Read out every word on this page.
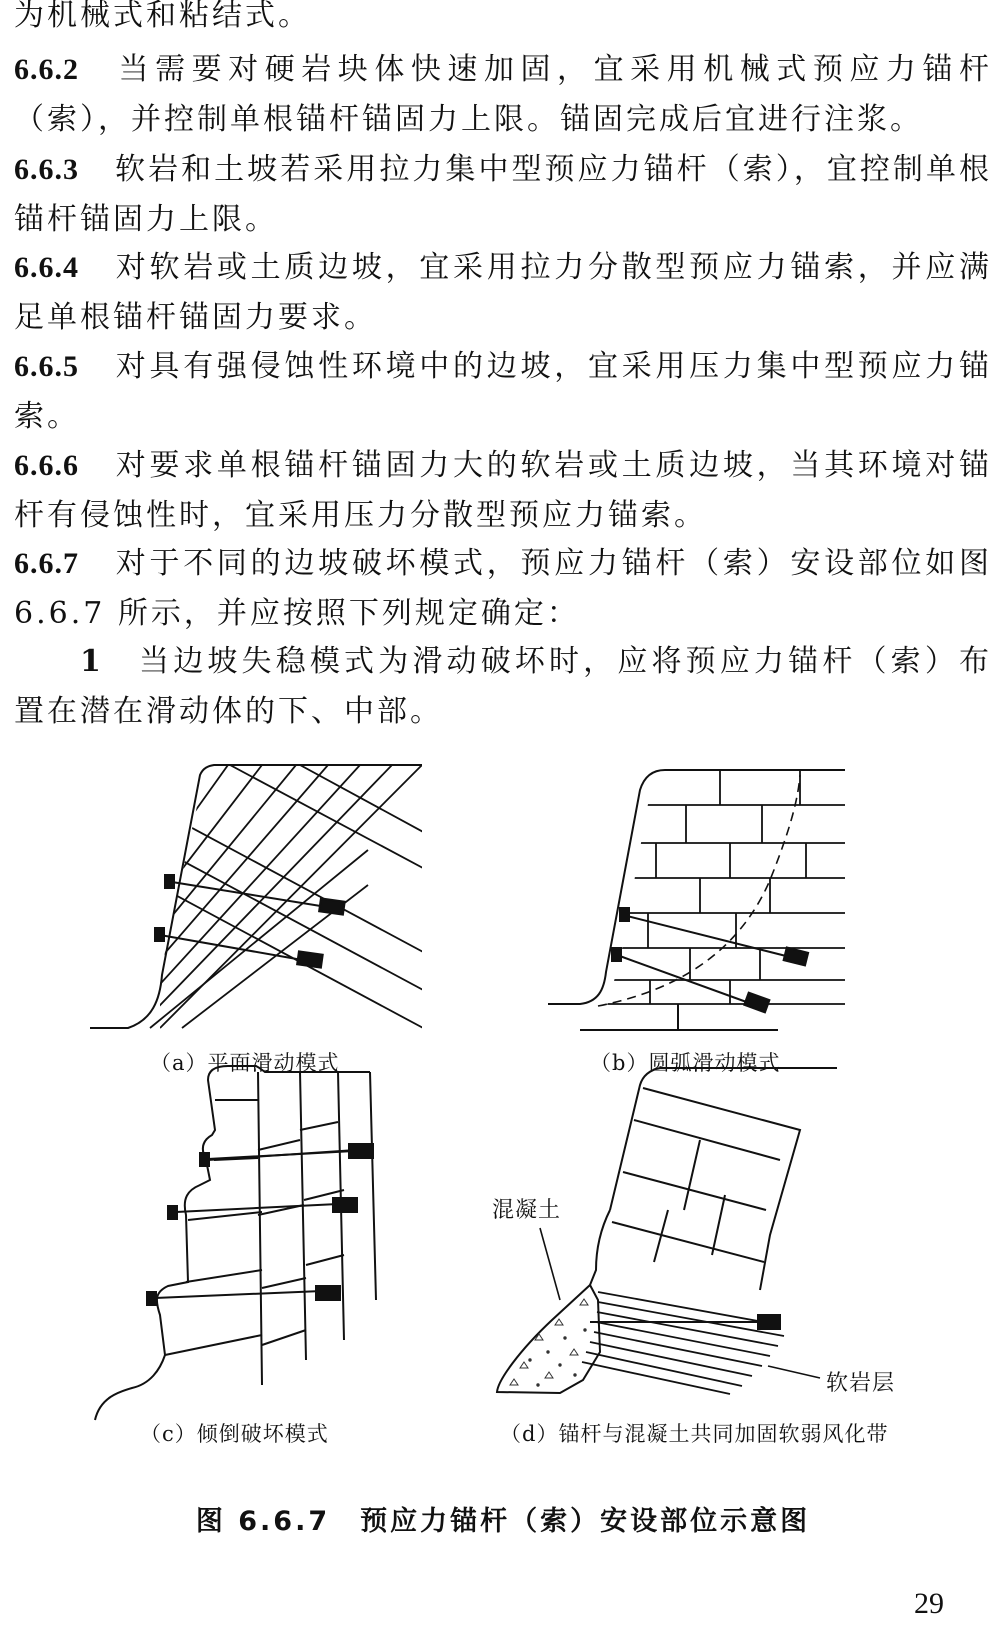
为机械式和粘结式。

6.6.2 当需要对硬岩块体快速加固，宜采用机械式预应力锚杆（索），并控制单根锚杆锚固力上限。锚固完成后宜进行注浆。

6.6.3 软岩和土坡若采用拉力集中型预应力锚杆（索），宜控制单根锚杆锚固力上限。

6.6.4 对软岩或土质边坡，宜采用拉力分散型预应力锚索，并应满足单根锚杆锚固力要求。

6.6.5 对具有强侵蚀性环境中的边坡，宜采用压力集中型预应力锚索。

6.6.6 对要求单根锚杆锚固力大的软岩或土质边坡，当其环境对锚杆有侵蚀性时，宜采用压力分散型预应力锚索。

6.6.7 对于不同的边坡破坏模式，预应力锚杆（索）安设部位如图 6.6.7 所示，并应按照下列规定确定：

1 当边坡失稳模式为滑动破坏时，应将预应力锚杆（索）布置在潜在滑动体的下、中部。

混凝土
软岩层
（a）平面滑动模式	（b）圆弧滑动模式
（c）倾倒破坏模式	（d）锚杆与混凝土共同加固软弱风化带
图 6.6.7　预应力锚杆（索）安设部位示意图
29
